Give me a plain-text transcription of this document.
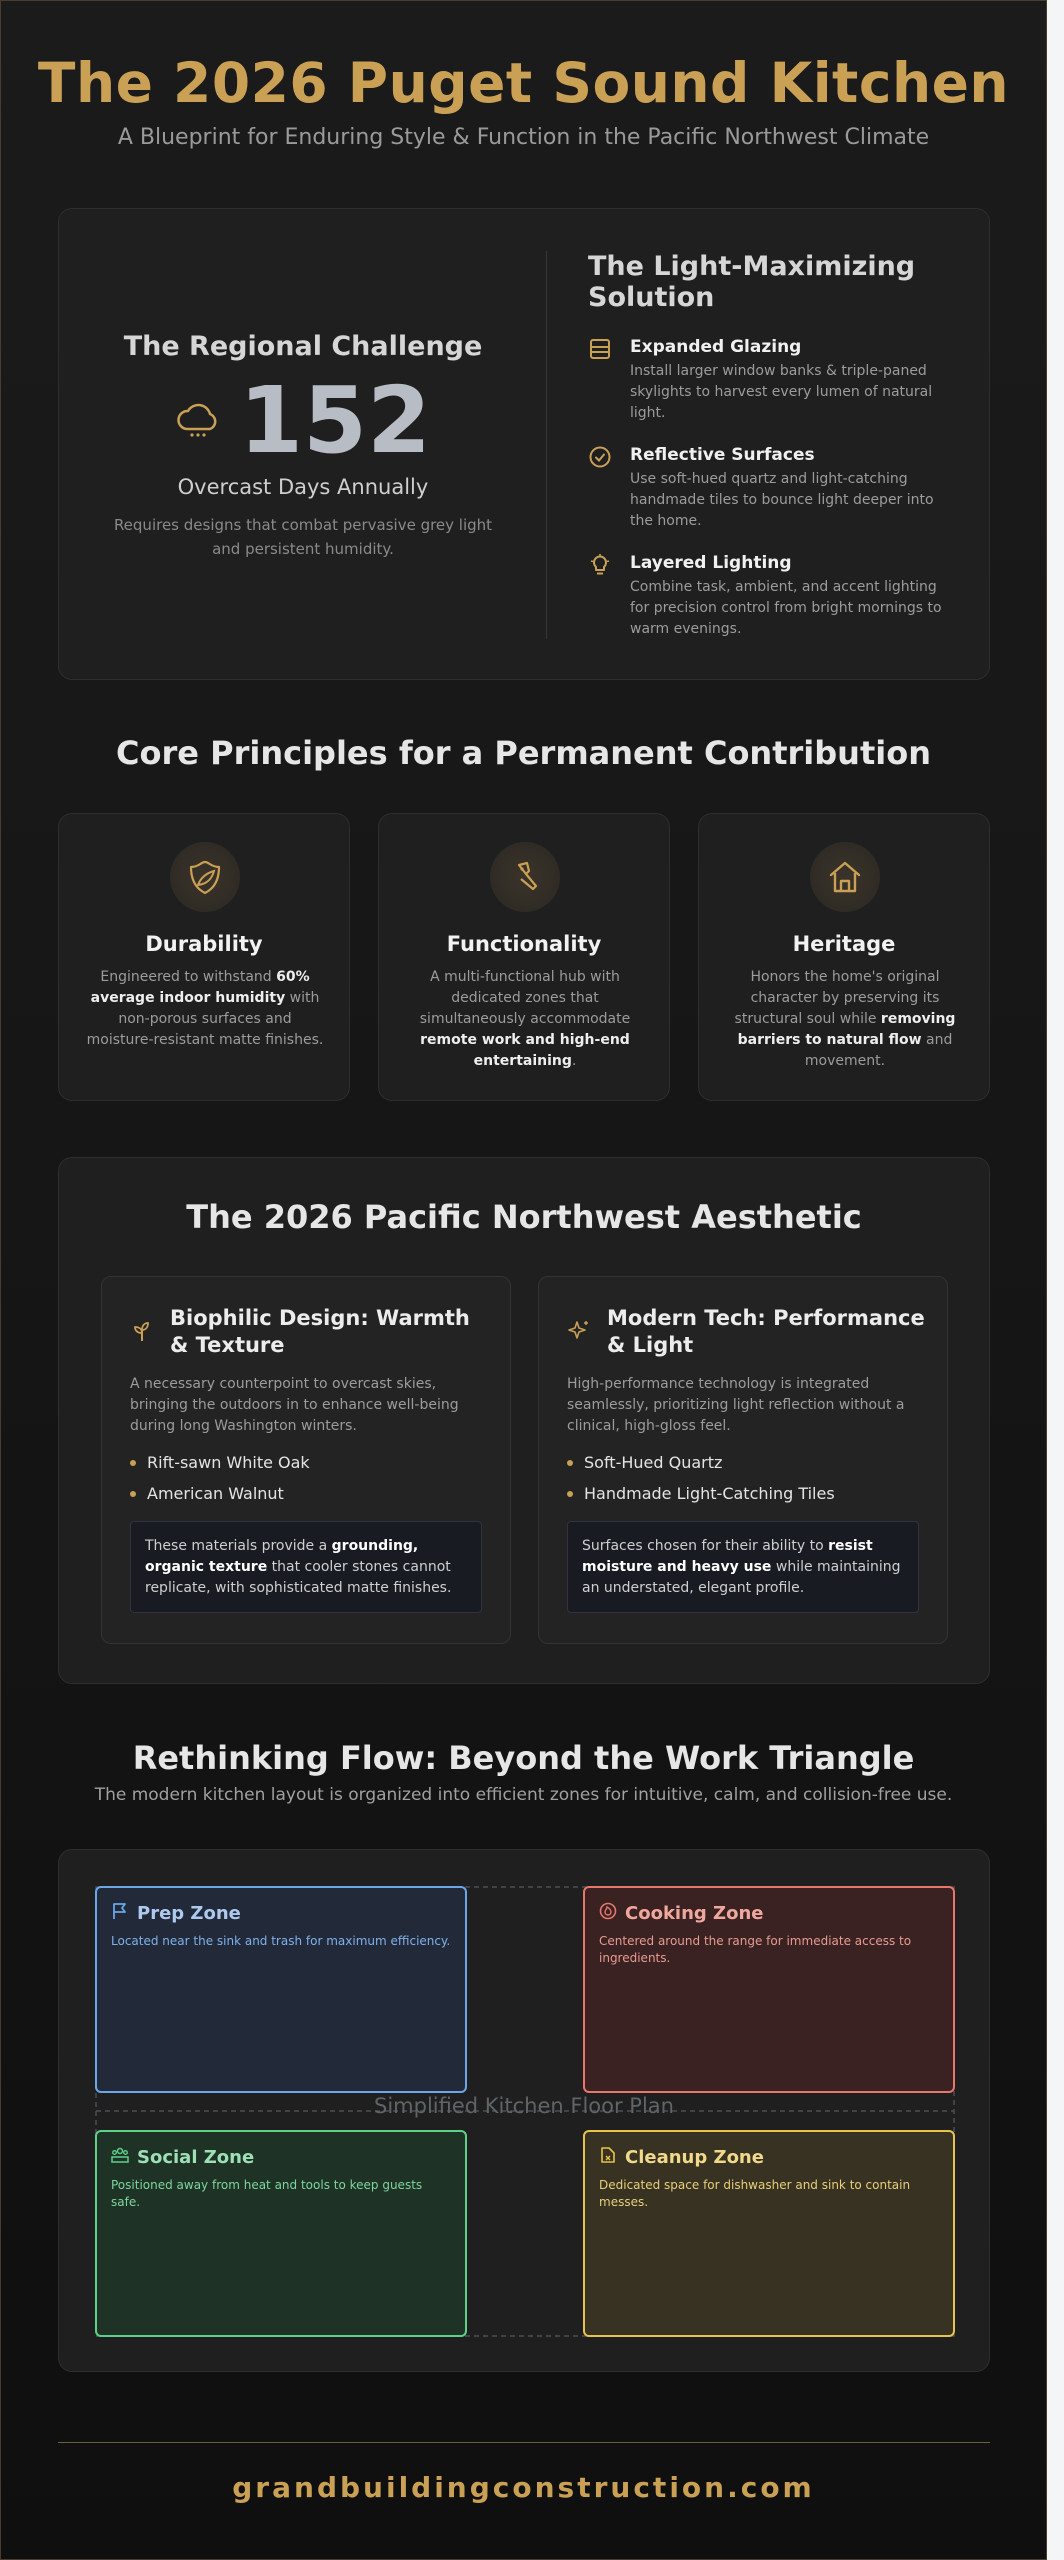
The 2026 Puget Sound Kitchen
A Blueprint for Enduring Style & Function in the Pacific Northwest Climate
The Regional Challenge
152
Overcast Days Annually
Requires designs that combat pervasive grey light and persistent humidity.
The Light-Maximizing Solution
Expanded Glazing
Install larger window banks & triple-paned skylights to harvest every lumen of natural light.
Reflective Surfaces
Use soft-hued quartz and light-catching handmade tiles to bounce light deeper into the home.
Layered Lighting
Combine task, ambient, and accent lighting for precision control from bright mornings to warm evenings.
Core Principles for a Permanent Contribution
Durability
Engineered to withstand 60% average indoor humidity with non-porous surfaces and moisture-resistant matte finishes.
Functionality
A multi-functional hub with dedicated zones that simultaneously accommodate remote work and high-end entertaining.
Heritage
Honors the home's original character by preserving its structural soul while removing barriers to natural flow and movement.
The 2026 Pacific Northwest Aesthetic
Biophilic Design: Warmth & Texture
A necessary counterpoint to overcast skies, bringing the outdoors in to enhance well-being during long Washington winters.
Rift-sawn White Oak
American Walnut
These materials provide a grounding, organic texture that cooler stones cannot replicate, with sophisticated matte finishes.
Modern Tech: Performance & Light
High-performance technology is integrated seamlessly, prioritizing light reflection without a clinical, high-gloss feel.
Soft-Hued Quartz
Handmade Light-Catching Tiles
Surfaces chosen for their ability to resist moisture and heavy use while maintaining an understated, elegant profile.
Rethinking Flow: Beyond the Work Triangle
The modern kitchen layout is organized into efficient zones for intuitive, calm, and collision-free use.
Simplified Kitchen Floor Plan
Prep Zone
Located near the sink and trash for maximum efficiency.
Cooking Zone
Centered around the range for immediate access to ingredients.
Social Zone
Positioned away from heat and tools to keep guests safe.
Cleanup Zone
Dedicated space for dishwasher and sink to contain messes.
grandbuildingconstruction.com
